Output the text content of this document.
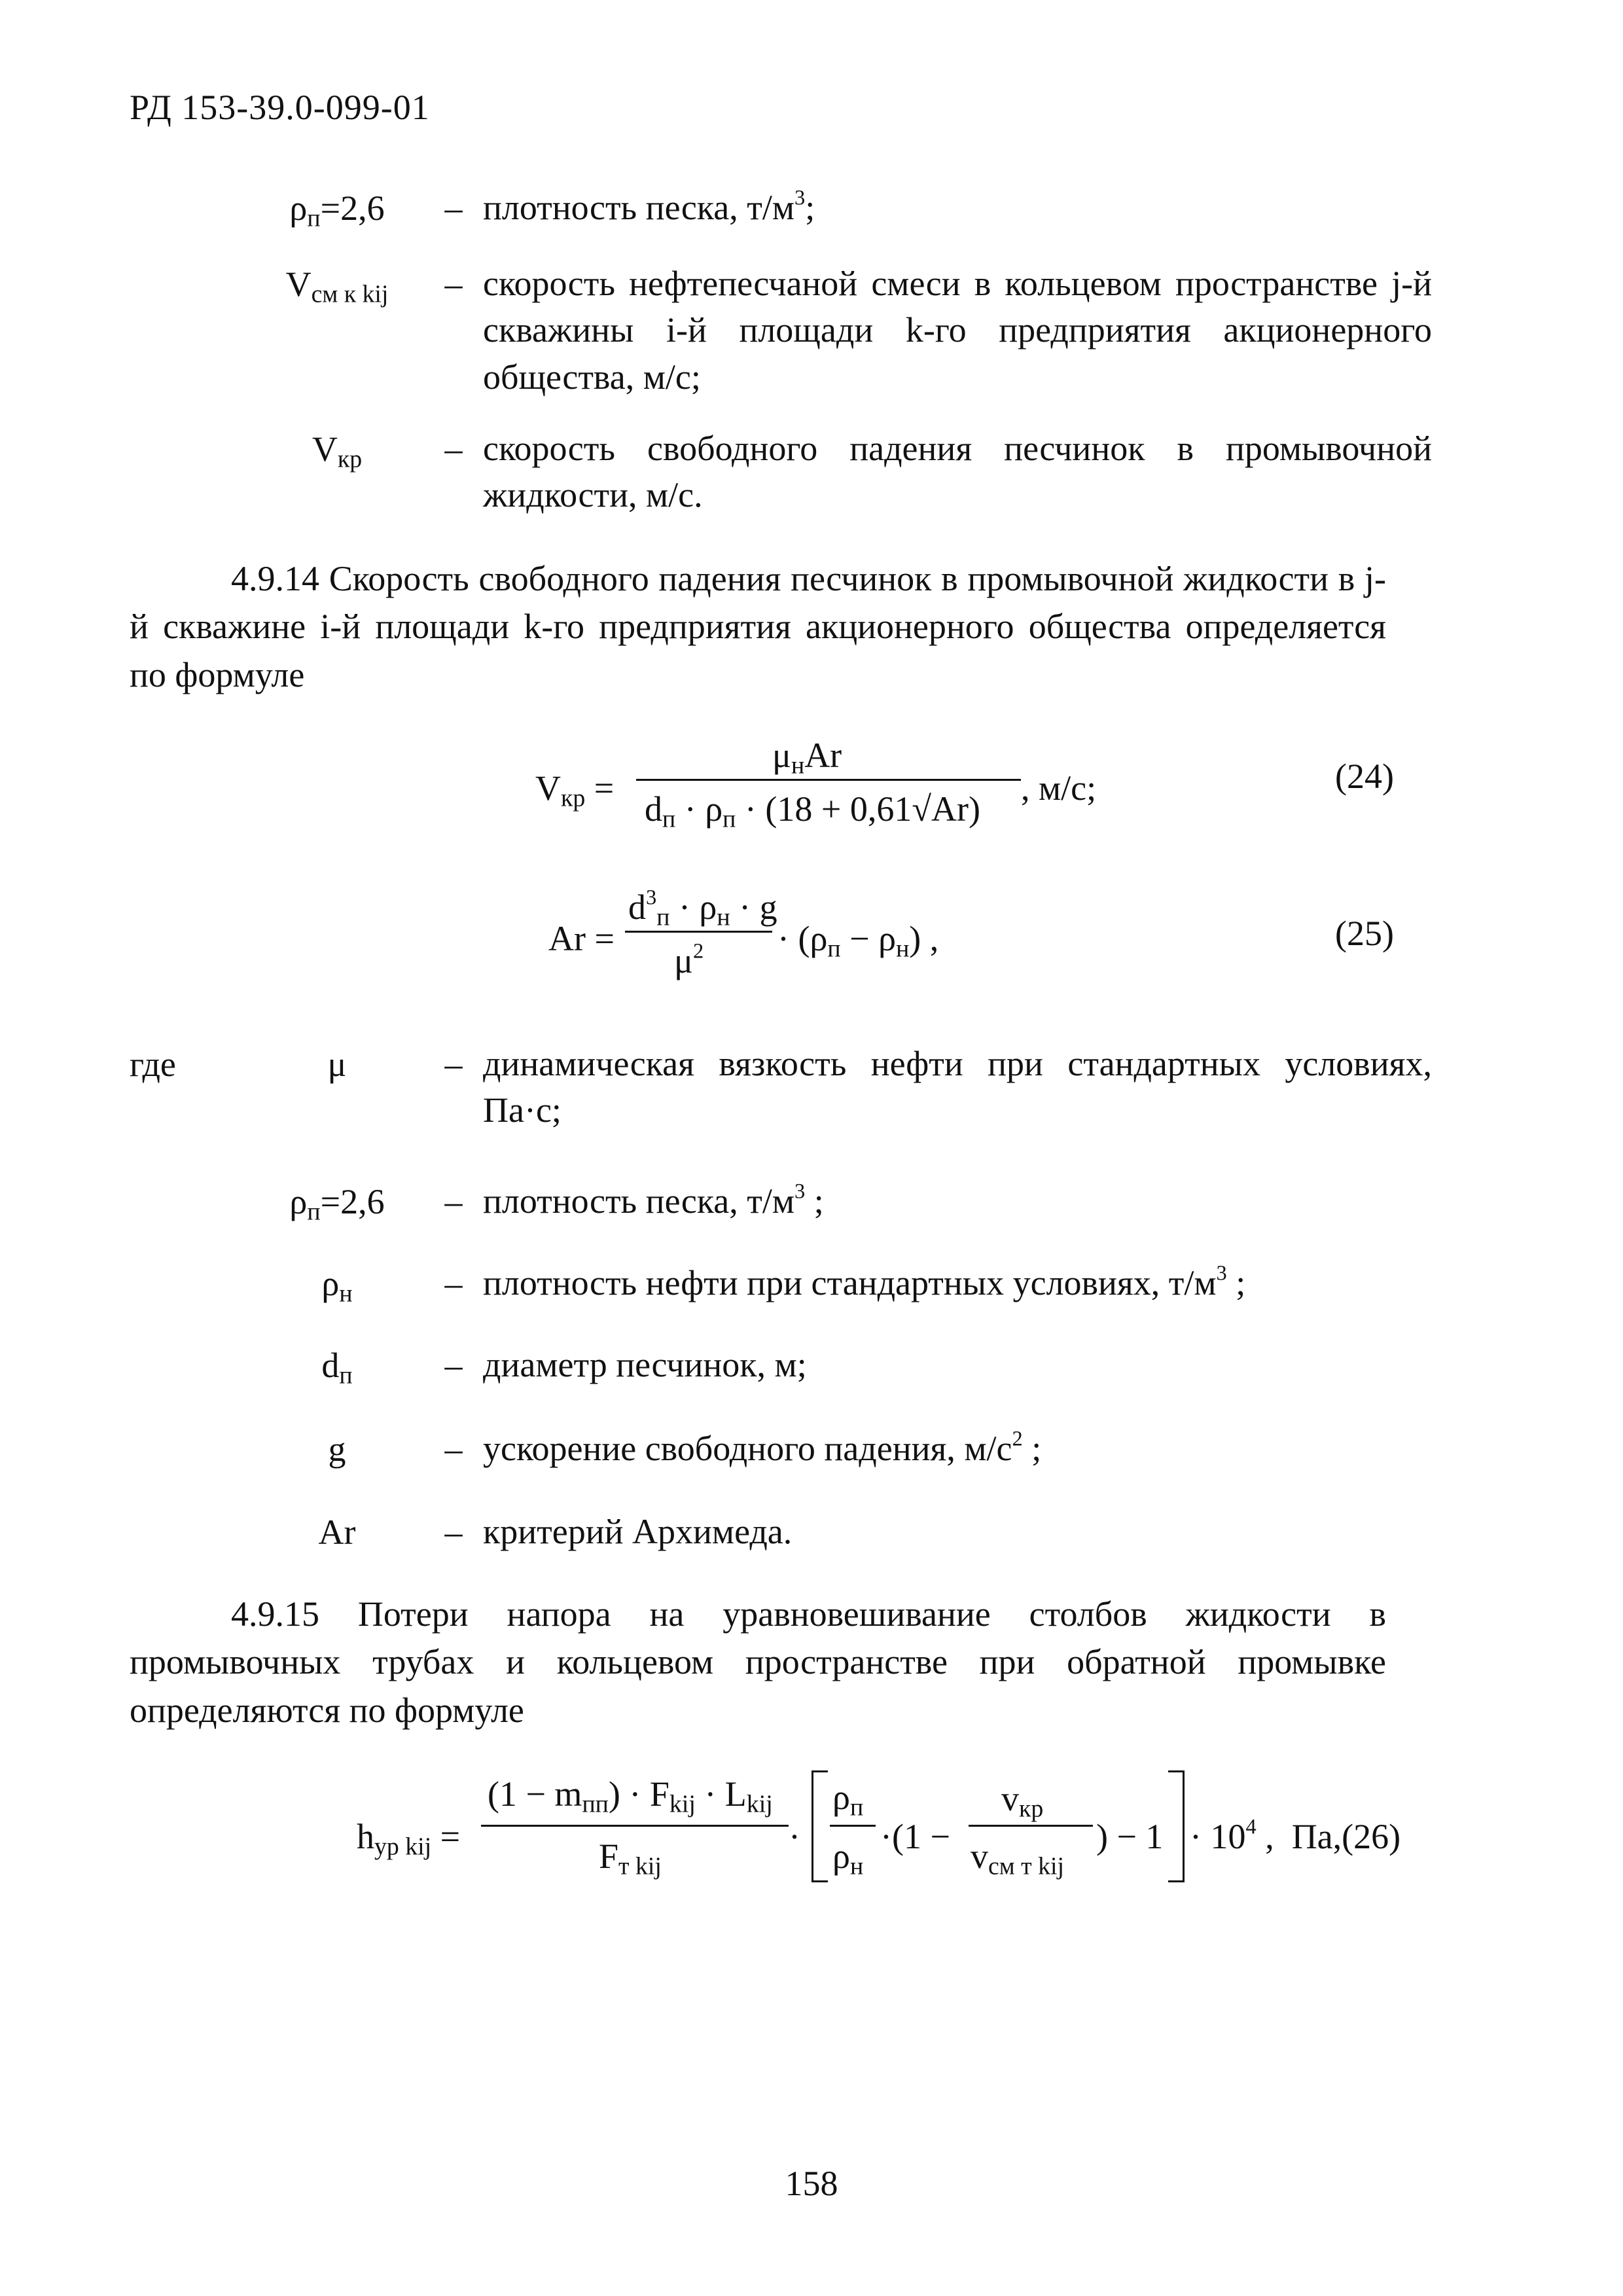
РД 153-39.0-099-01
$\rho_п=2,6$	– плотность песка, $т/м^3$;
$V_{см к kij}$	– скорость нефтепесчаной смеси в кольцевом пространстве j-й скважины i-й площади k-го предприятия акционерного общества, м/с;
$V_{кр}$	– скорость свободного падения песчинок в промывочной жидкости, м/с.
4.9.14 Скорость свободного падения песчинок в промывочной жидкости в j-й скважине i-й площади k-го предприятия акционерного общества определяется по формуле
$V_{кр}$ =
$\mu_нAr$
$d_п \cdot \rho_п \cdot (18 + 0,61√Ar)$
, м/с;	(24)
Ar =
$d^3_п \cdot \rho_н \cdot g$
$\mu^2 \cdot (\rho_п - \rho_н)$ ,	(25)
где	μ	– динамическая вязкость нефти при стандартных условиях, Па·с;
$\rho_п=2,6$	– плотность песка, $т/м^3$ ;
$\rho_н$	– плотность нефти при стандартных условиях, $т/м^3$ ;
$d_п$	– диаметр песчинок, м;
g	– ускорение свободного падения, $м/с^2$ ;
Ar	– критерий Архимеда.
4.9.15 Потери напора на уравновешивание столбов жидкости в промывочных трубах и кольцевом пространстве при обратной промывке определяются по формуле
$h_{ур kij}$ =
$(1 - m_{пп}) \cdot F_{kij} \cdot L_{kij}$
$F_{т kij}$
·
$\rho_п$
$\rho_н$
·(1 −
$v_{кр}$
$v_{см т kij}$
) − $1 \cdot 10^4$ ,  Па,(26)
158
